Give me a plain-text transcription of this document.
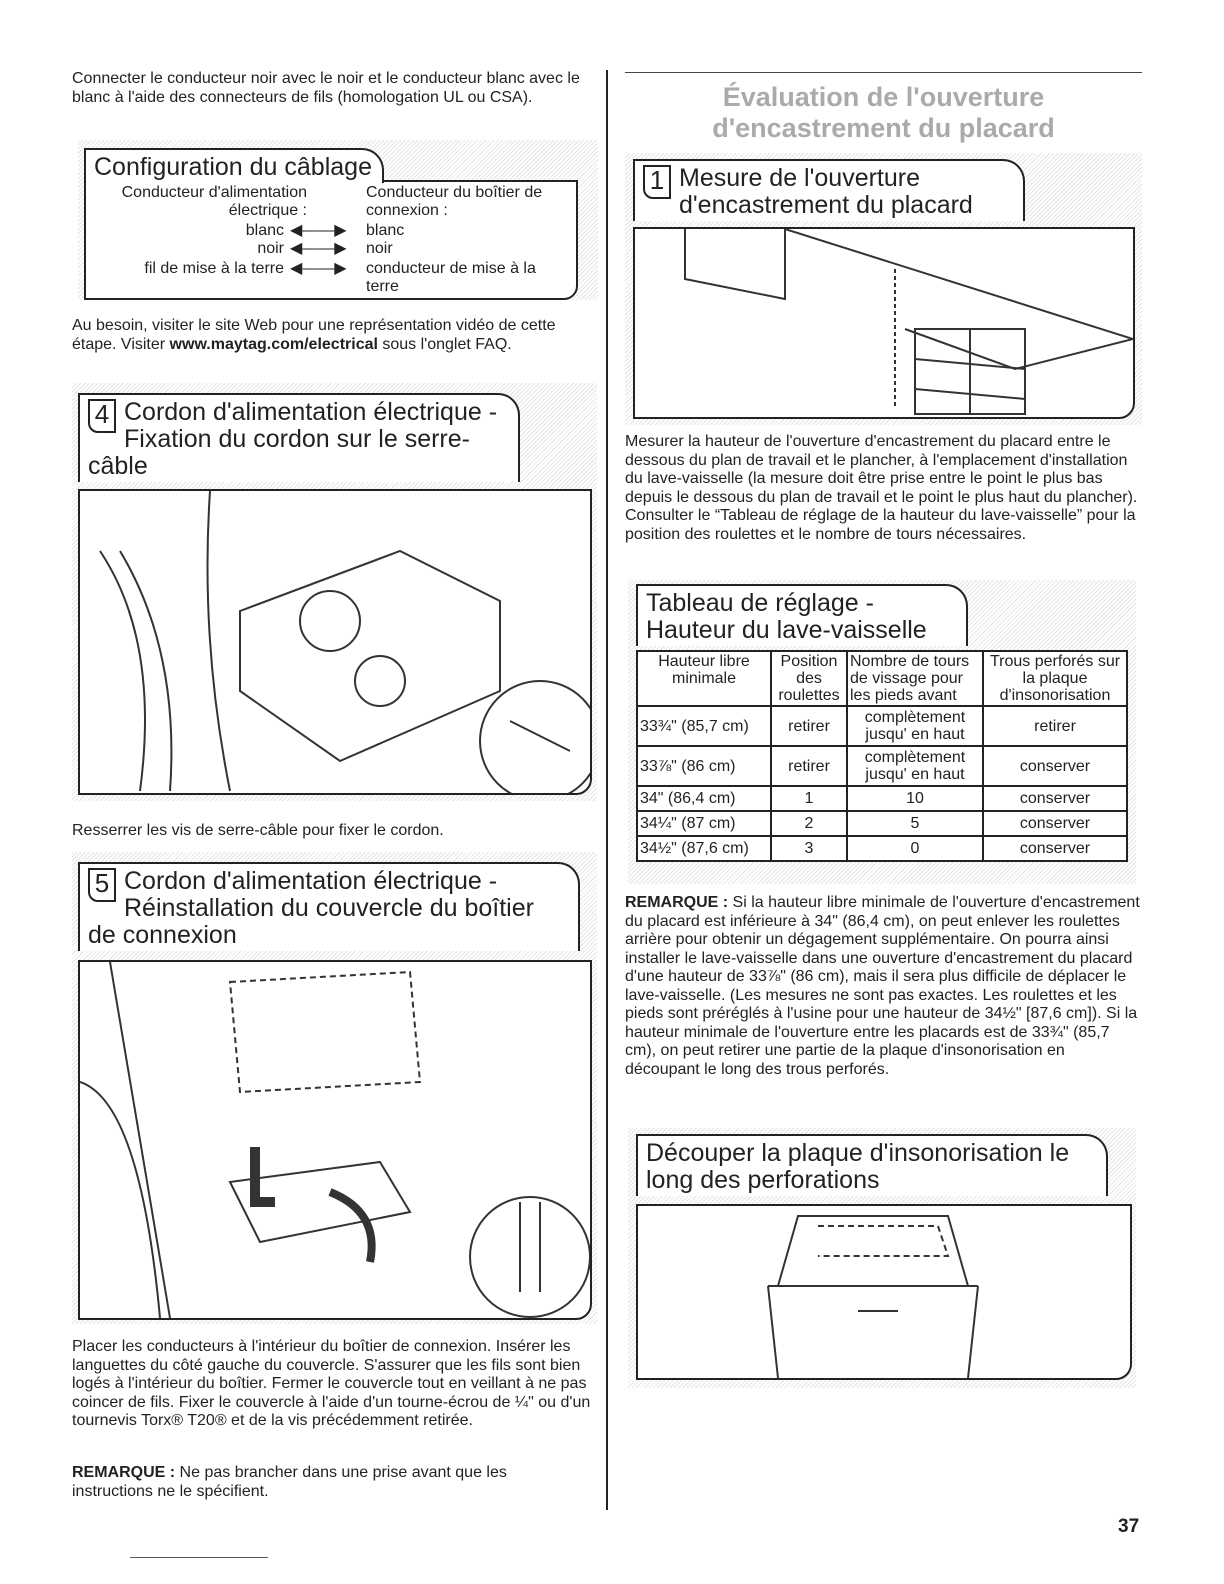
Connecter le conducteur noir avec le noir et le conducteur blanc avec le blanc à l'aide des connecteurs de fils (homologation UL ou CSA).

Configuration du câblage
Conducteur d'alimentation électrique :
Conducteur du boîtier de connexion :
blanc ◀——▶ blanc
noir ◀——▶ noir
fil de mise à la terre ◀——▶ conducteur de mise à la terre

Au besoin, visiter le site Web pour une représentation vidéo de cette étape. Visiter www.maytag.com/electrical sous l'onglet FAQ.

4 Cordon d'alimentation électrique - Fixation du cordon sur le serre-câble

Resserrer les vis de serre-câble pour fixer le cordon.

5 Cordon d'alimentation électrique - Réinstallation du couvercle du boîtier de connexion

Placer les conducteurs à l'intérieur du boîtier de connexion. Insérer les languettes du côté gauche du couvercle. S'assurer que les fils sont bien logés à l'intérieur du boîtier. Fermer le couvercle tout en veillant à ne pas coincer de fils. Fixer le couvercle à l'aide d'un tourne-écrou de ¼" ou d'un tournevis Torx® T20® et de la vis précédemment retirée.

REMARQUE : Ne pas brancher dans une prise avant que les instructions ne le spécifient.

Évaluation de l'ouverture d'encastrement du placard
1 Mesure de l'ouverture d'encastrement du placard

Mesurer la hauteur de l'ouverture d'encastrement du placard entre le dessous du plan de travail et le plancher, à l'emplacement d'installation du lave-vaisselle (la mesure doit être prise entre le point le plus bas depuis le dessous du plan de travail et le point le plus haut du plancher). Consulter le “Tableau de réglage de la hauteur du lave-vaisselle” pour la position des roulettes et le nombre de tours nécessaires.

Tableau de réglage - Hauteur du lave-vaisselle
Hauteur libre minimale	Position des roulettes	Nombre de tours de vissage pour les pieds avant	Trous perforés sur la plaque d'insonorisation
33¾" (85,7 cm)	retirer	complètement jusqu' en haut	retirer
33⅞" (86 cm)	retirer	complètement jusqu' en haut	conserver
34" (86,4 cm)	1	10	conserver
34¼" (87 cm)	2	5	conserver
34½" (87,6 cm)	3	0	conserver

REMARQUE : Si la hauteur libre minimale de l'ouverture d'encastrement du placard est inférieure à 34" (86,4 cm), on peut enlever les roulettes arrière pour obtenir un dégagement supplémentaire. On pourra ainsi installer le lave-vaisselle dans une ouverture d'encastrement du placard d'une hauteur de 33⅞" (86 cm), mais il sera plus difficile de déplacer le lave-vaisselle. (Les mesures ne sont pas exactes. Les roulettes et les pieds sont préréglés à l'usine pour une hauteur de 34½" [87,6 cm]). Si la hauteur minimale de l'ouverture entre les placards est de 33¾" (85,7 cm), on peut retirer une partie de la plaque d'insonorisation en découpant le long des trous perforés.

Découper la plaque d'insonorisation le long des perforations
37
